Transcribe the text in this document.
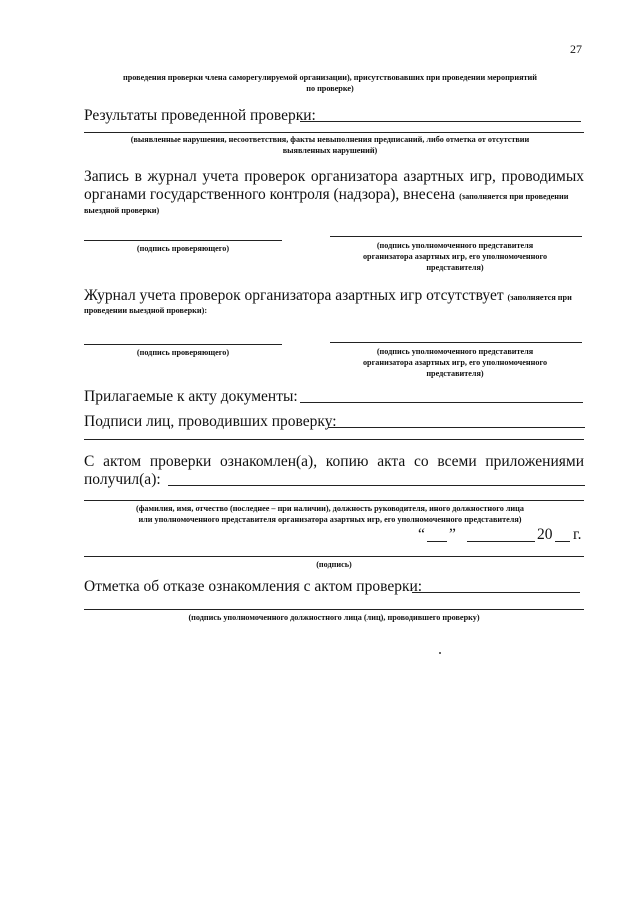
27
проведения проверки члена саморегулируемой организации), присутствовавших при проведении мероприятий
по проверке)
Результаты проведенной проверки:
(выявленные нарушения, несоответствия, факты невыполнения предписаний, либо отметка от отсутствии
выявленных нарушений)
Запись в журнал учета проверок организатора азартных игр, проводимых
органами государственного контроля (надзора), внесена (заполняется при проведении
выездной проверки)
(подпись проверяющего)	(подпись уполномоченного представителя
организатора азартных игр, его уполномоченного
представителя)
Журнал учета проверок организатора азартных игр отсутствует (заполняется при
проведении выездной проверки):
(подпись проверяющего)	(подпись уполномоченного представителя
организатора азартных игр, его уполномоченного
представителя)
Прилагаемые к акту документы:
Подписи лиц, проводивших проверку:
С актом проверки ознакомлен(а), копию акта со всеми приложениями
получил(а):
(фамилия, имя, отчество (последнее – при наличии), должность руководителя, иного должностного лица
или уполномоченного представителя организатора азартных игр, его уполномоченного представителя)
“ ”	20 г.
(подпись)
Отметка об отказе ознакомления с актом проверки:
(подпись уполномоченного должностного лица (лиц), проводившего проверку)
